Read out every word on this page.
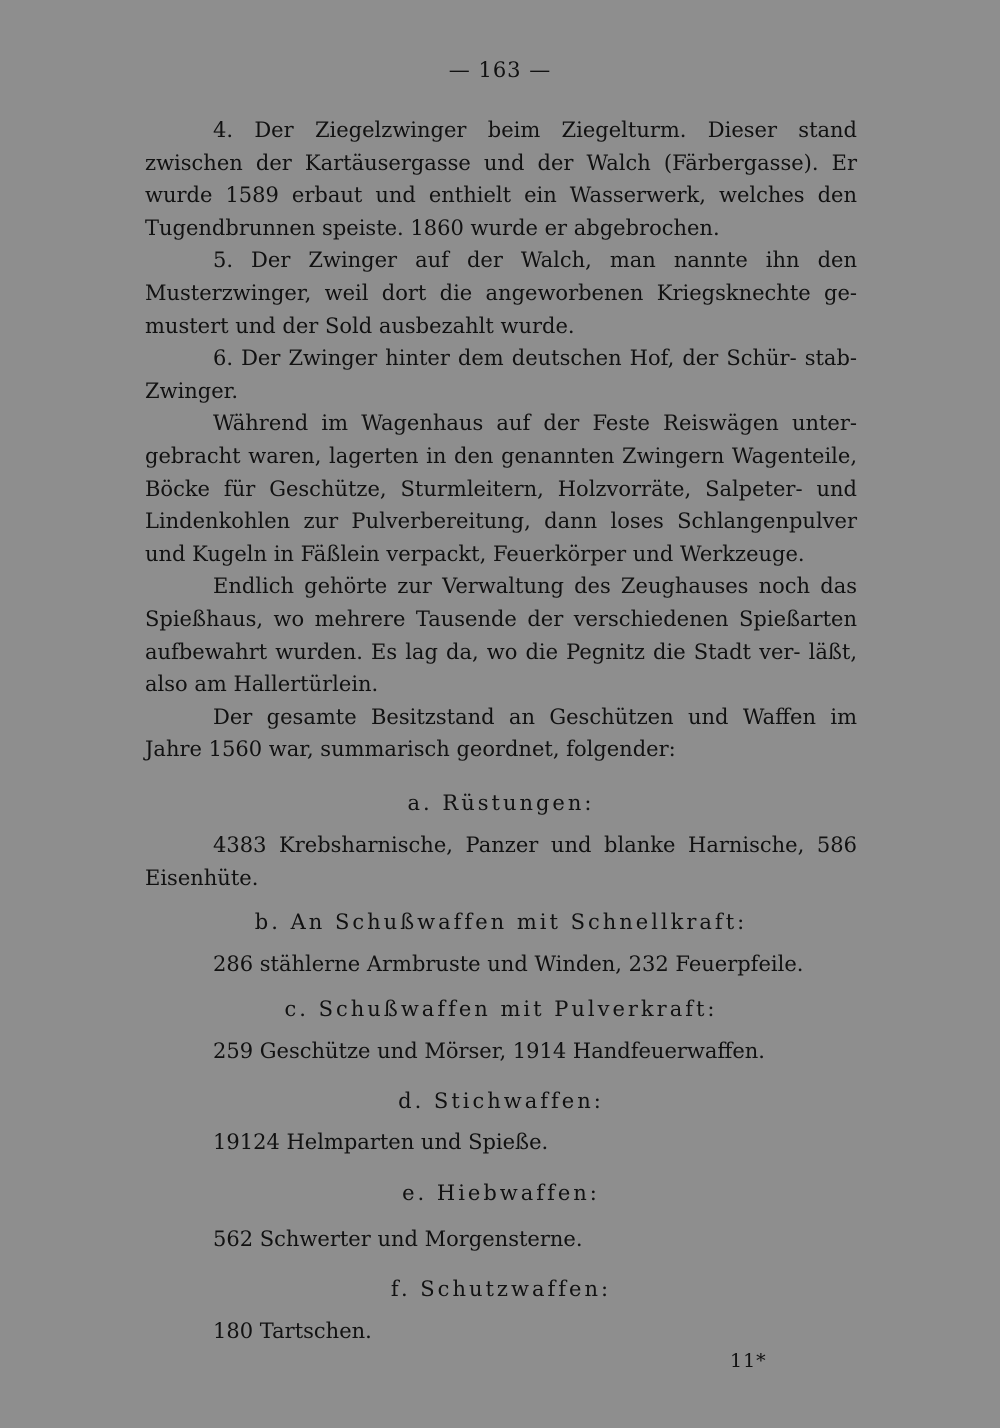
— 163 —

4. Der Ziegelzwinger beim Ziegelturm. Dieser stand zwischen der Kartäusergasse und der Walch (Färbergasse). Er wurde 1589 erbaut und enthielt ein Wasserwerk, welches den Tugendbrunnen speiste. 1860 wurde er abgebrochen.

5. Der Zwinger auf der Walch, man nannte ihn den Musterzwinger, weil dort die angeworbenen Kriegsknechte ge- mustert und der Sold ausbezahlt wurde.

6. Der Zwinger hinter dem deutschen Hof, der Schür- stab-Zwinger.

Während im Wagenhaus auf der Feste Reiswägen unter- gebracht waren, lagerten in den genannten Zwingern Wagenteile, Böcke für Geschütze, Sturmleitern, Holzvorräte, Salpeter- und Lindenkohlen zur Pulverbereitung, dann loses Schlangenpulver und Kugeln in Fäßlein verpackt, Feuerkörper und Werkzeuge.

Endlich gehörte zur Verwaltung des Zeughauses noch das Spießhaus, wo mehrere Tausende der verschiedenen Spießarten aufbewahrt wurden. Es lag da, wo die Pegnitz die Stadt ver- läßt, also am Hallertürlein.

Der gesamte Besitzstand an Geschützen und Waffen im Jahre 1560 war, summarisch geordnet, folgender:

a. Rüstungen:

4383 Krebsharnische, Panzer und blanke Harnische, 586 Eisenhüte.

b. An Schußwaffen mit Schnellkraft:

286 stählerne Armbruste und Winden, 232 Feuerpfeile.

c. Schußwaffen mit Pulverkraft:

259 Geschütze und Mörser, 1914 Handfeuerwaffen.

d. Stichwaffen:

19124 Helmparten und Spieße.

e. Hiebwaffen:

562 Schwerter und Morgensterne.

f. Schutzwaffen:

180 Tartschen.

11*
